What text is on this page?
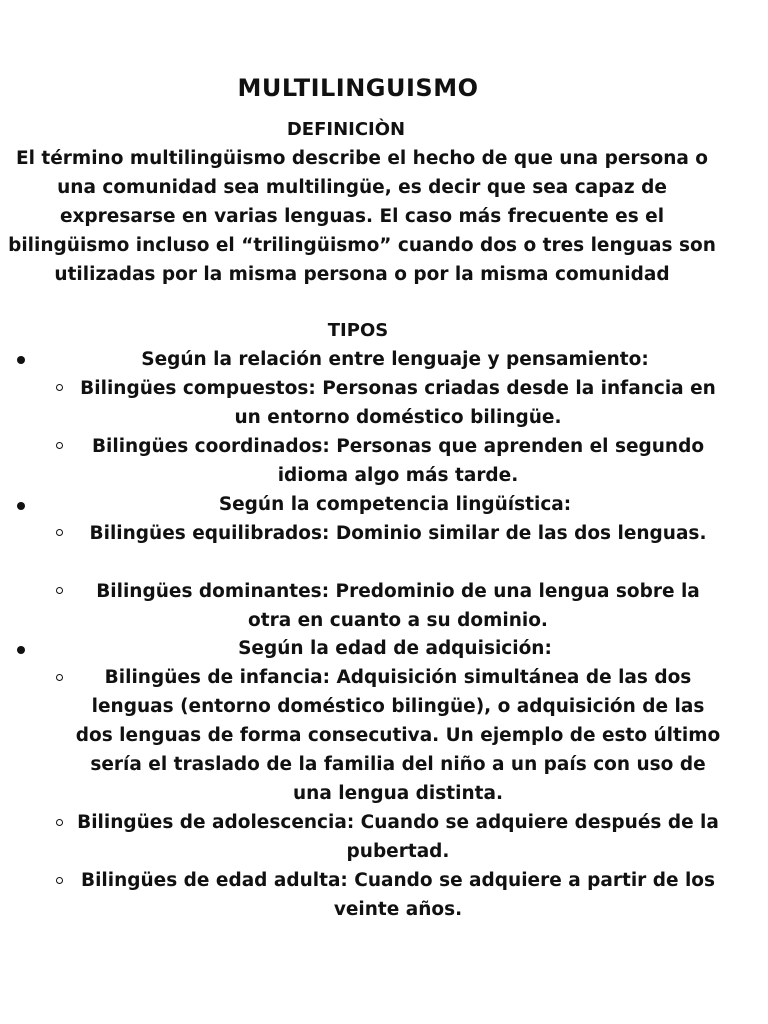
MULTILINGUISMO
DEFINICIÒN
El término multilingüismo describe el hecho de que una persona o una comunidad sea multilingüe, es decir que sea capaz de expresarse en varias lenguas. El caso más frecuente es el bilingüismo incluso el “trilingüismo” cuando dos o tres lenguas son utilizadas por la misma persona o por la misma comunidad
TIPOS
Según la relación entre lenguaje y pensamiento:
Bilingües compuestos: Personas criadas desde la infancia en un entorno doméstico bilingüe.
Bilingües coordinados: Personas que aprenden el segundo idioma algo más tarde.
Según la competencia lingüística:
Bilingües equilibrados: Dominio similar de las dos lenguas.
Bilingües dominantes: Predominio de una lengua sobre la otra en cuanto a su dominio.
Según la edad de adquisición:
Bilingües de infancia: Adquisición simultánea de las dos lenguas (entorno doméstico bilingüe), o adquisición de las dos lenguas de forma consecutiva. Un ejemplo de esto último sería el traslado de la familia del niño a un país con uso de una lengua distinta.
Bilingües de adolescencia: Cuando se adquiere después de la pubertad.
Bilingües de edad adulta: Cuando se adquiere a partir de los veinte años.
